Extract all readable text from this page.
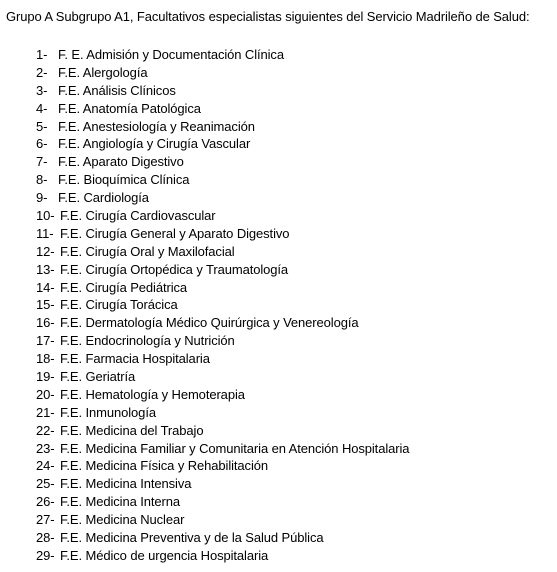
Grupo A Subgrupo A1, Facultativos especialistas siguientes del Servicio Madrileño de Salud:
1- F. E. Admisión y Documentación Clínica
2- F.E. Alergología
3- F.E. Análisis Clínicos
4- F.E. Anatomía Patológica
5- F.E. Anestesiología y Reanimación
6- F.E. Angiología y Cirugía Vascular
7- F.E. Aparato Digestivo
8- F.E. Bioquímica Clínica
9- F.E. Cardiología
10- F.E. Cirugía Cardiovascular
11- F.E. Cirugía General y Aparato Digestivo
12- F.E. Cirugía Oral y Maxilofacial
13- F.E. Cirugía Ortopédica y Traumatología
14- F.E. Cirugía Pediátrica
15- F.E. Cirugía Torácica
16- F.E. Dermatología Médico Quirúrgica y Venereología
17- F.E. Endocrinología y Nutrición
18- F.E. Farmacia Hospitalaria
19- F.E. Geriatría
20- F.E. Hematología y Hemoterapia
21- F.E. Inmunología
22- F.E. Medicina del Trabajo
23- F.E. Medicina Familiar y Comunitaria en Atención Hospitalaria
24- F.E. Medicina Física y Rehabilitación
25- F.E. Medicina Intensiva
26- F.E. Medicina Interna
27- F.E. Medicina Nuclear
28- F.E. Medicina Preventiva y de la Salud Pública
29- F.E. Médico de urgencia Hospitalaria
